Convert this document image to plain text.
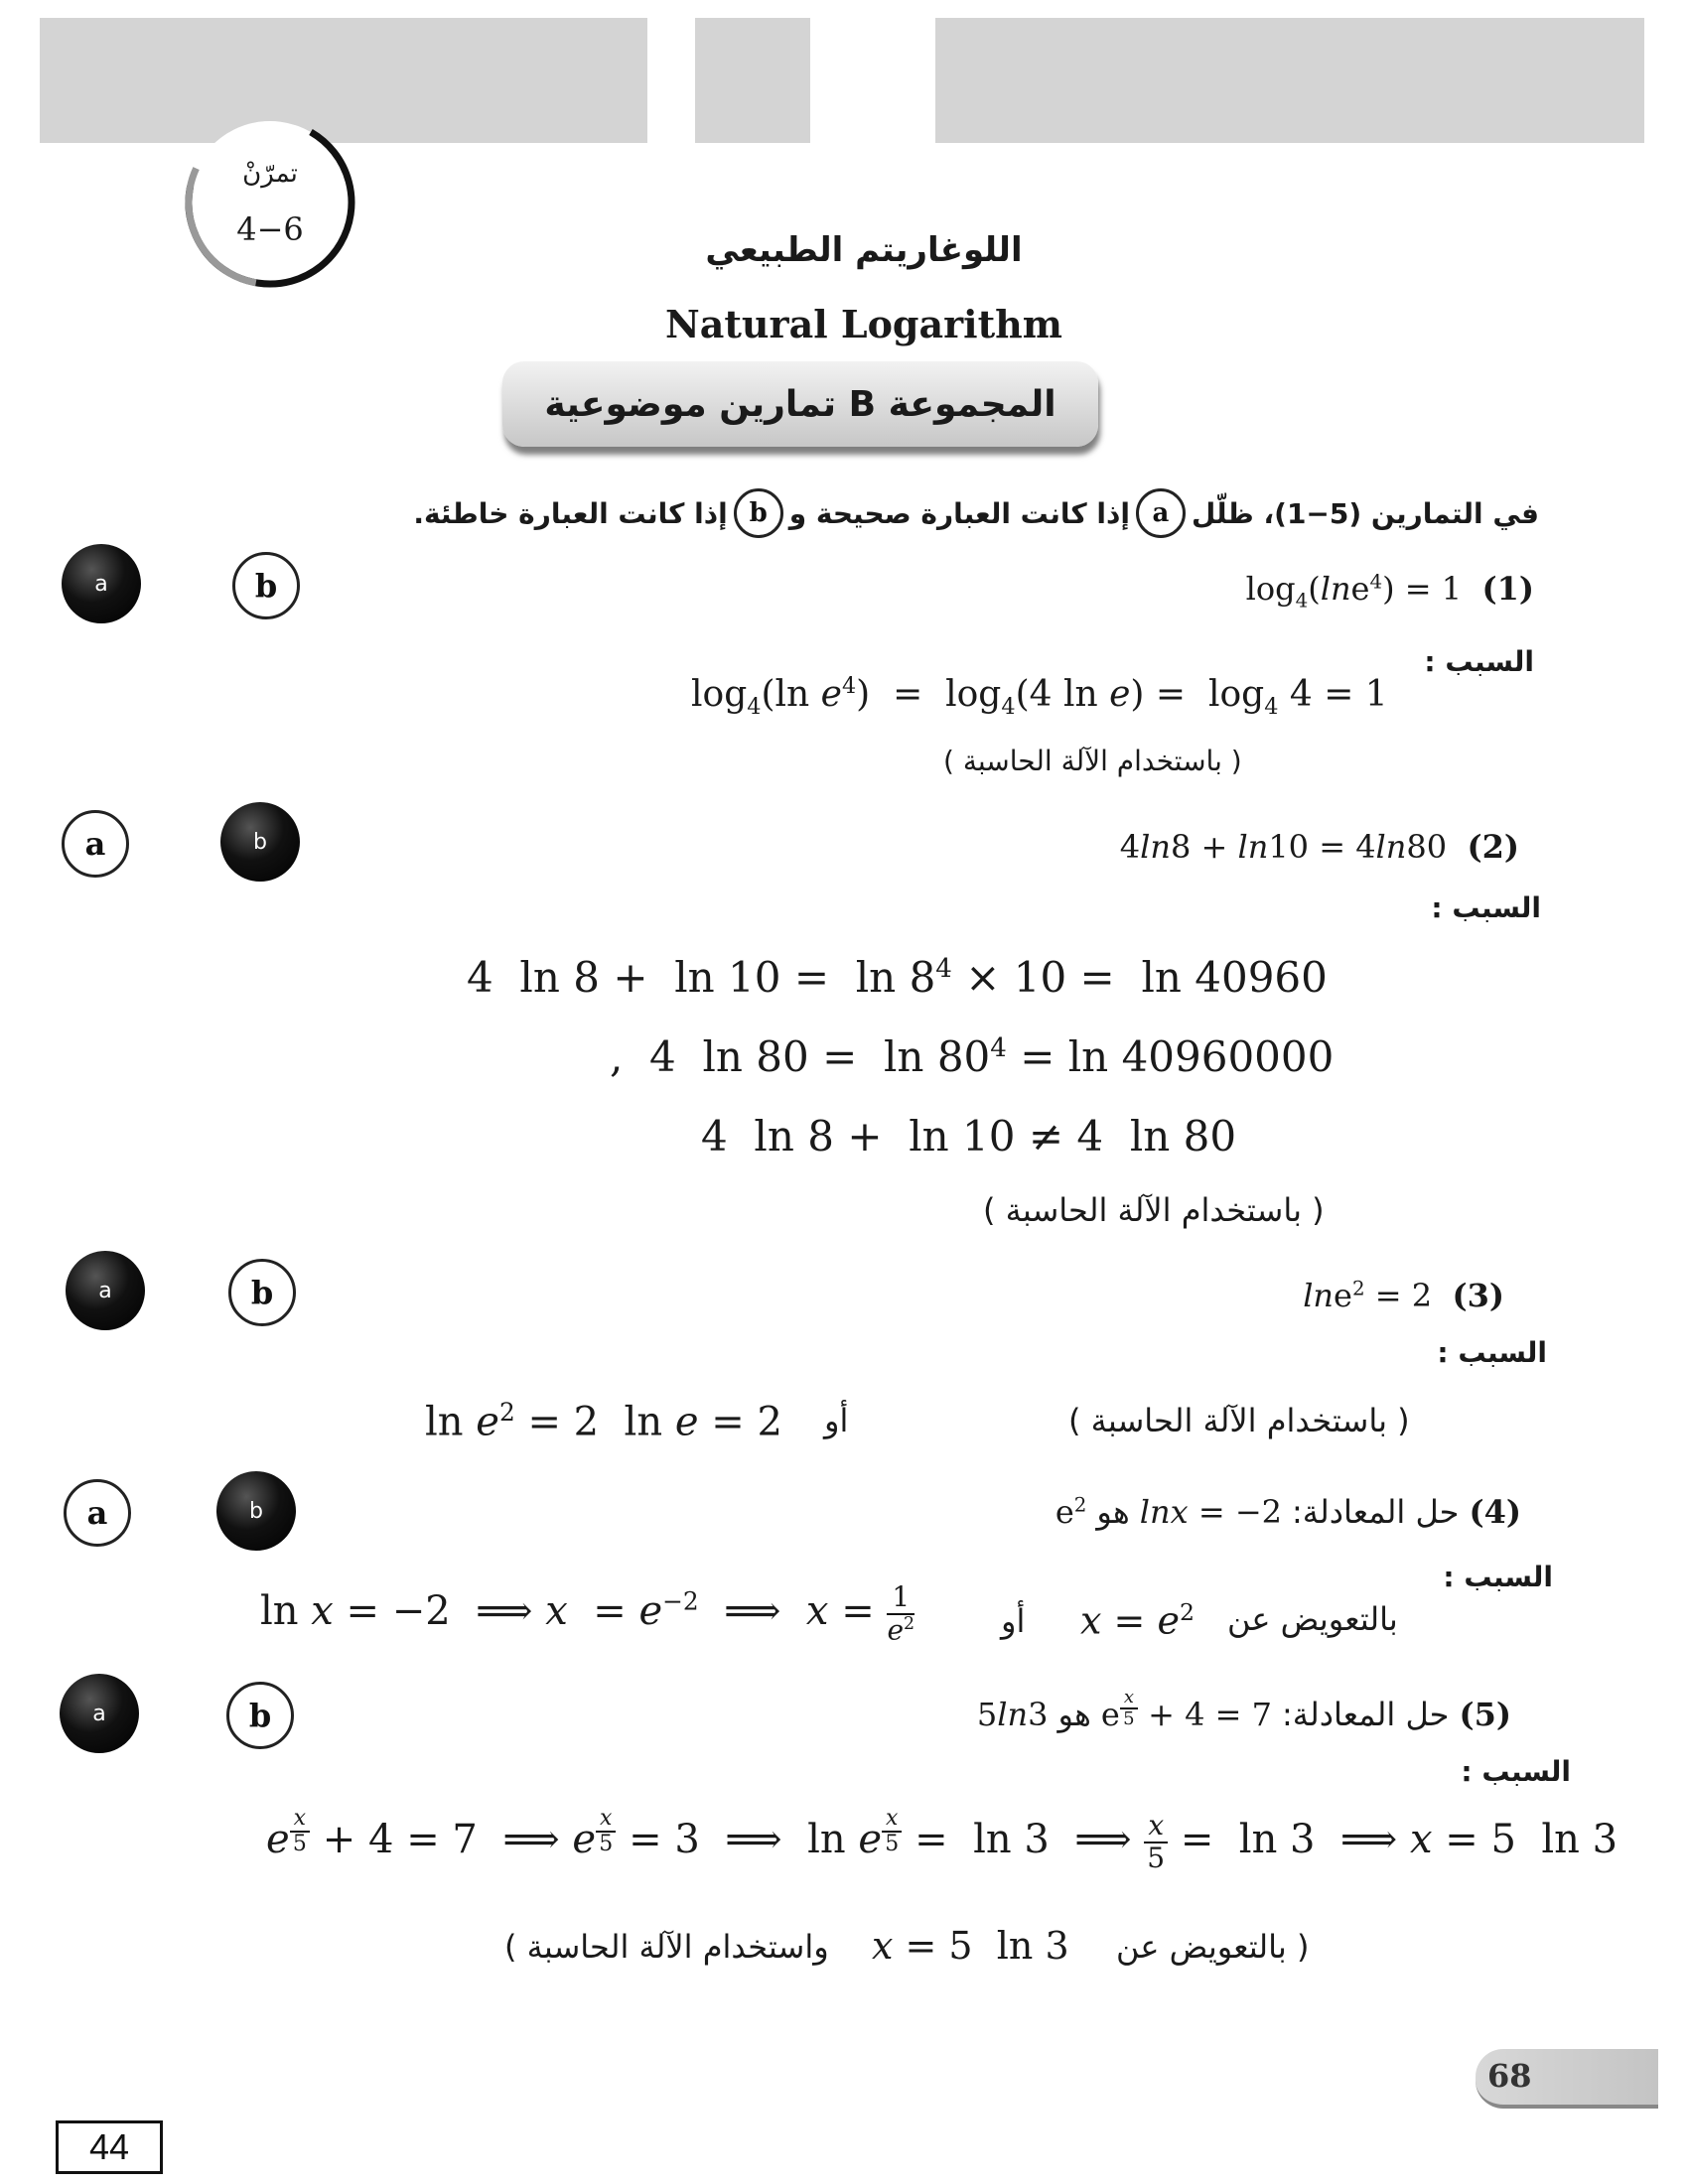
تمرّنْ
4−6
اللوغاريتم الطبيعي
Natural Logarithm
المجموعة B تمارين موضوعية
في التمارين (5−1)، ظلّل
a
إذا كانت العبارة صحيحة و
b
إذا كانت العبارة خاطئة.
a	b	$\log_4(\ln e^4) = 1$  (1)
السبب :
$\log_4(\ln$ $e^4) = \log_4(4$ $\ln e) = \log_4 4 = 1$
( باستخدام الآلة الحاسبة )
a	b	4ln8 + ln10 = 4ln80  (2)
السبب :
4  $\ln 8 + \ln 10 = \ln 8^4 \times 10 = \ln 40960$
,  4  $\ln 80 = \ln 80^4 = \ln 40960000$
4  ln 8 +  ln 10 ≠ 4  ln 80
( باستخدام الآلة الحاسبة )
a	b	lne$^2$ = 2  (3)
السبب :
$\ln e^2 = 2$  ln e = 2 أو	( باستخدام الآلة الحاسبة )
a	b	(4)
حل المعادلة:
lnx = −2
هو
$e^2$
السبب :
ln x = −2  ⟹ $x = e^{-2}$  ⟹  $x = \frac{1}{e^2}$	أو $x = e^2$ بالتعويض عن
a	b	(5)
حل المعادلة:
e $^{\frac{x}{5}}$ + 4 = 7
هو
5ln3
السبب :
e $^{\frac{x}{5}}$ + 4 = 7  ⟹ e $^{\frac{x}{5}}$ = 3  ⟹  ln e $^{\frac{x}{5}}$ =  ln 3  ⟹ $\frac{x}{5} = \ln 3$  ⟹ x = 5  ln 3
( بالتعويض عن
x = 5  ln 3
واستخدام الآلة الحاسبة )
68
44
